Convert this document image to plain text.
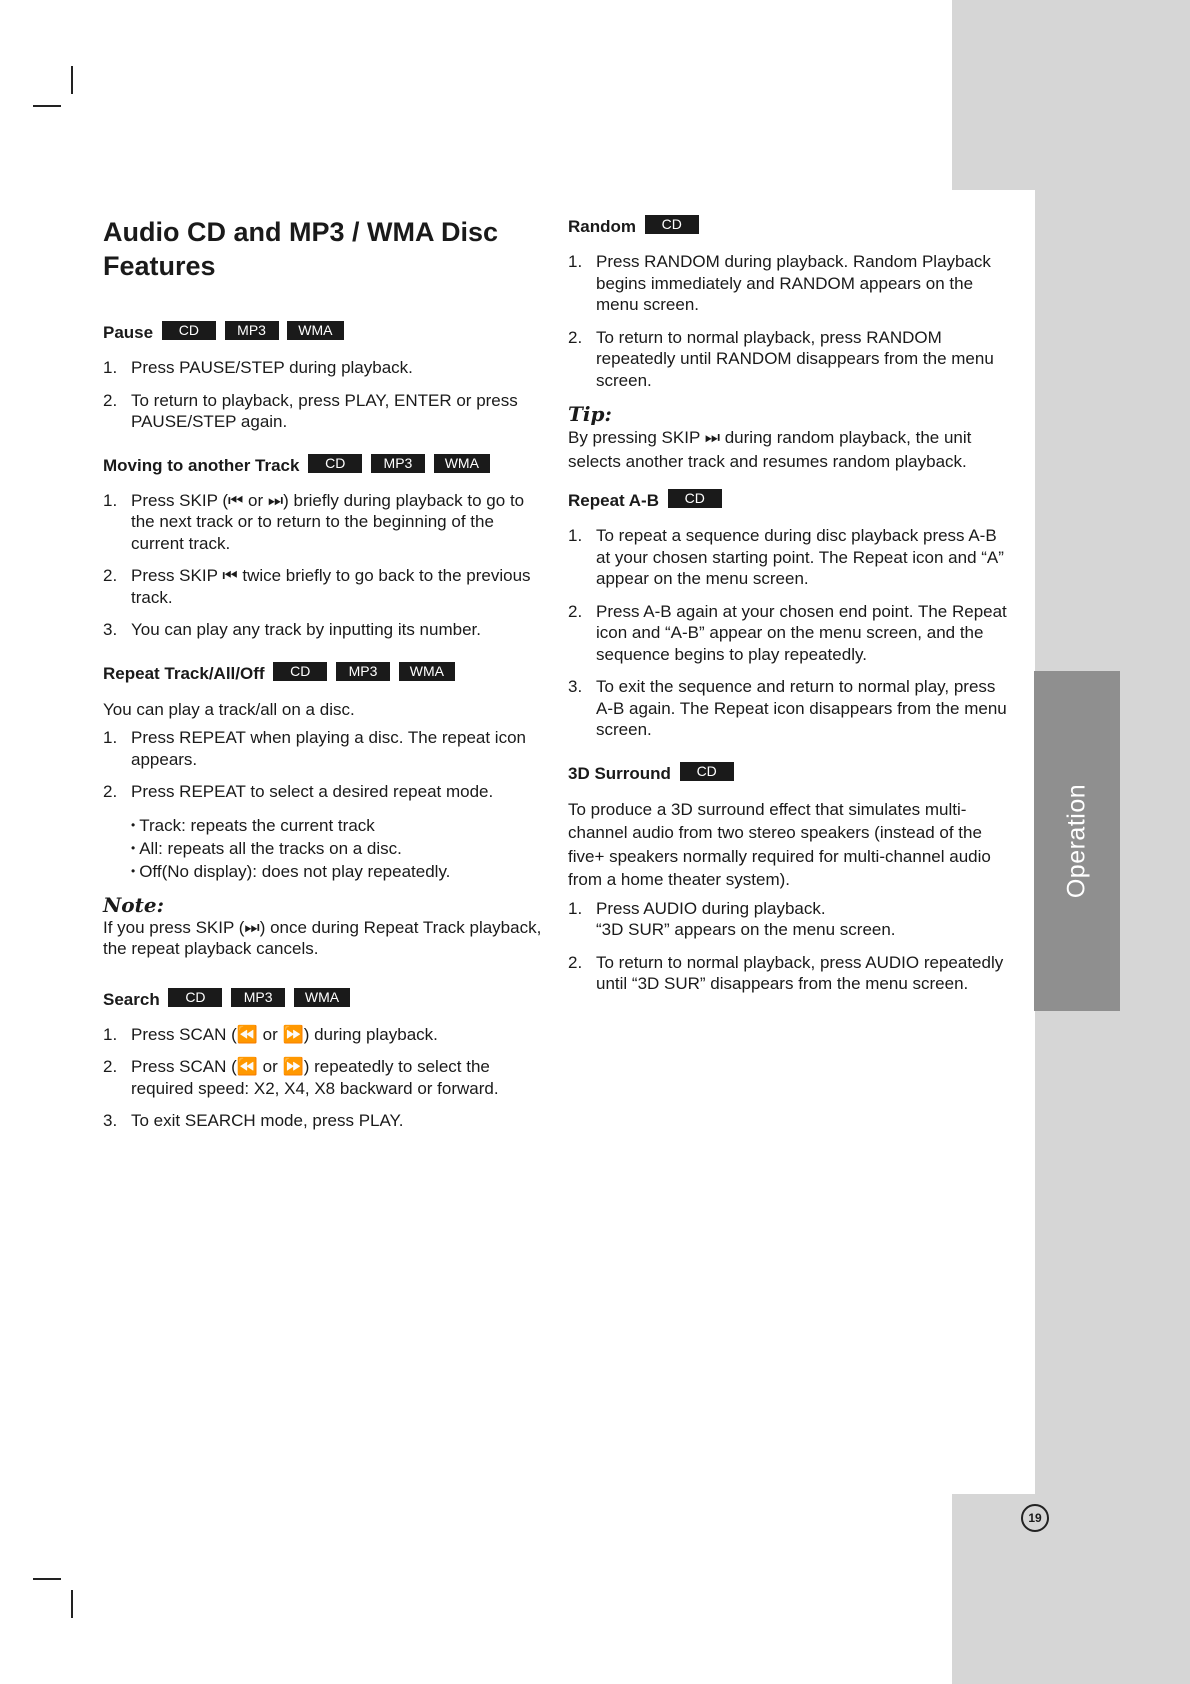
Operation
19
Audio CD and MP3 / WMA Disc Features
Pause CD	MP3 WMA
1. Press PAUSE/STEP during playback.
2. To return to playback, press PLAY, ENTER or press PAUSE/STEP again.
Moving to another Track CD	MP3 WMA
1. Press SKIP (⏮ or ⏭) briefly during playback to go to the next track or to return to the beginning of the current track.
2. Press SKIP ⏮ twice briefly to go back to the previous track.
3. You can play any track by inputting its number.
Repeat Track/All/Off CD	MP3 WMA

You can play a track/all on a disc.

1. Press REPEAT when playing a disc. The repeat icon appears.
2. Press REPEAT to select a desired repeat mode.
• Track: repeats the current track
• All: repeats all the tracks on a disc.
• Off(No display): does not play repeatedly.
Note:

If you press SKIP (⏭) once during Repeat Track playback, the repeat playback cancels.

Search CD	MP3 WMA
1. Press SCAN (⏪ or ⏩) during playback.
2. Press SCAN (⏪ or ⏩) repeatedly to select the required speed: X2, X4, X8 backward or forward.
3. To exit SEARCH mode, press PLAY.
Random CD
1. Press RANDOM during playback. Random Playback begins immediately and RANDOM appears on the menu screen.
2. To return to normal playback, press RANDOM repeatedly until RANDOM disappears from the menu screen.
Tip:

By pressing SKIP ⏭ during random playback, the unit selects another track and resumes random playback.

Repeat A-B CD
1. To repeat a sequence during disc playback press A-B at your chosen starting point. The Repeat icon and “A” appear on the menu screen.
2. Press A-B again at your chosen end point. The Repeat icon and “A-B” appear on the menu screen, and the sequence begins to play repeatedly.
3. To exit the sequence and return to normal play, press A-B again. The Repeat icon disappears from the menu screen.
3D Surround CD

To produce a 3D surround effect that simulates multi-channel audio from two stereo speakers (instead of the five+ speakers normally required for multi-channel audio from a home theater system).

1. Press AUDIO during playback.
“3D SUR” appears on the menu screen.
2. To return to normal playback, press AUDIO repeatedly until “3D SUR” disappears from the menu screen.
